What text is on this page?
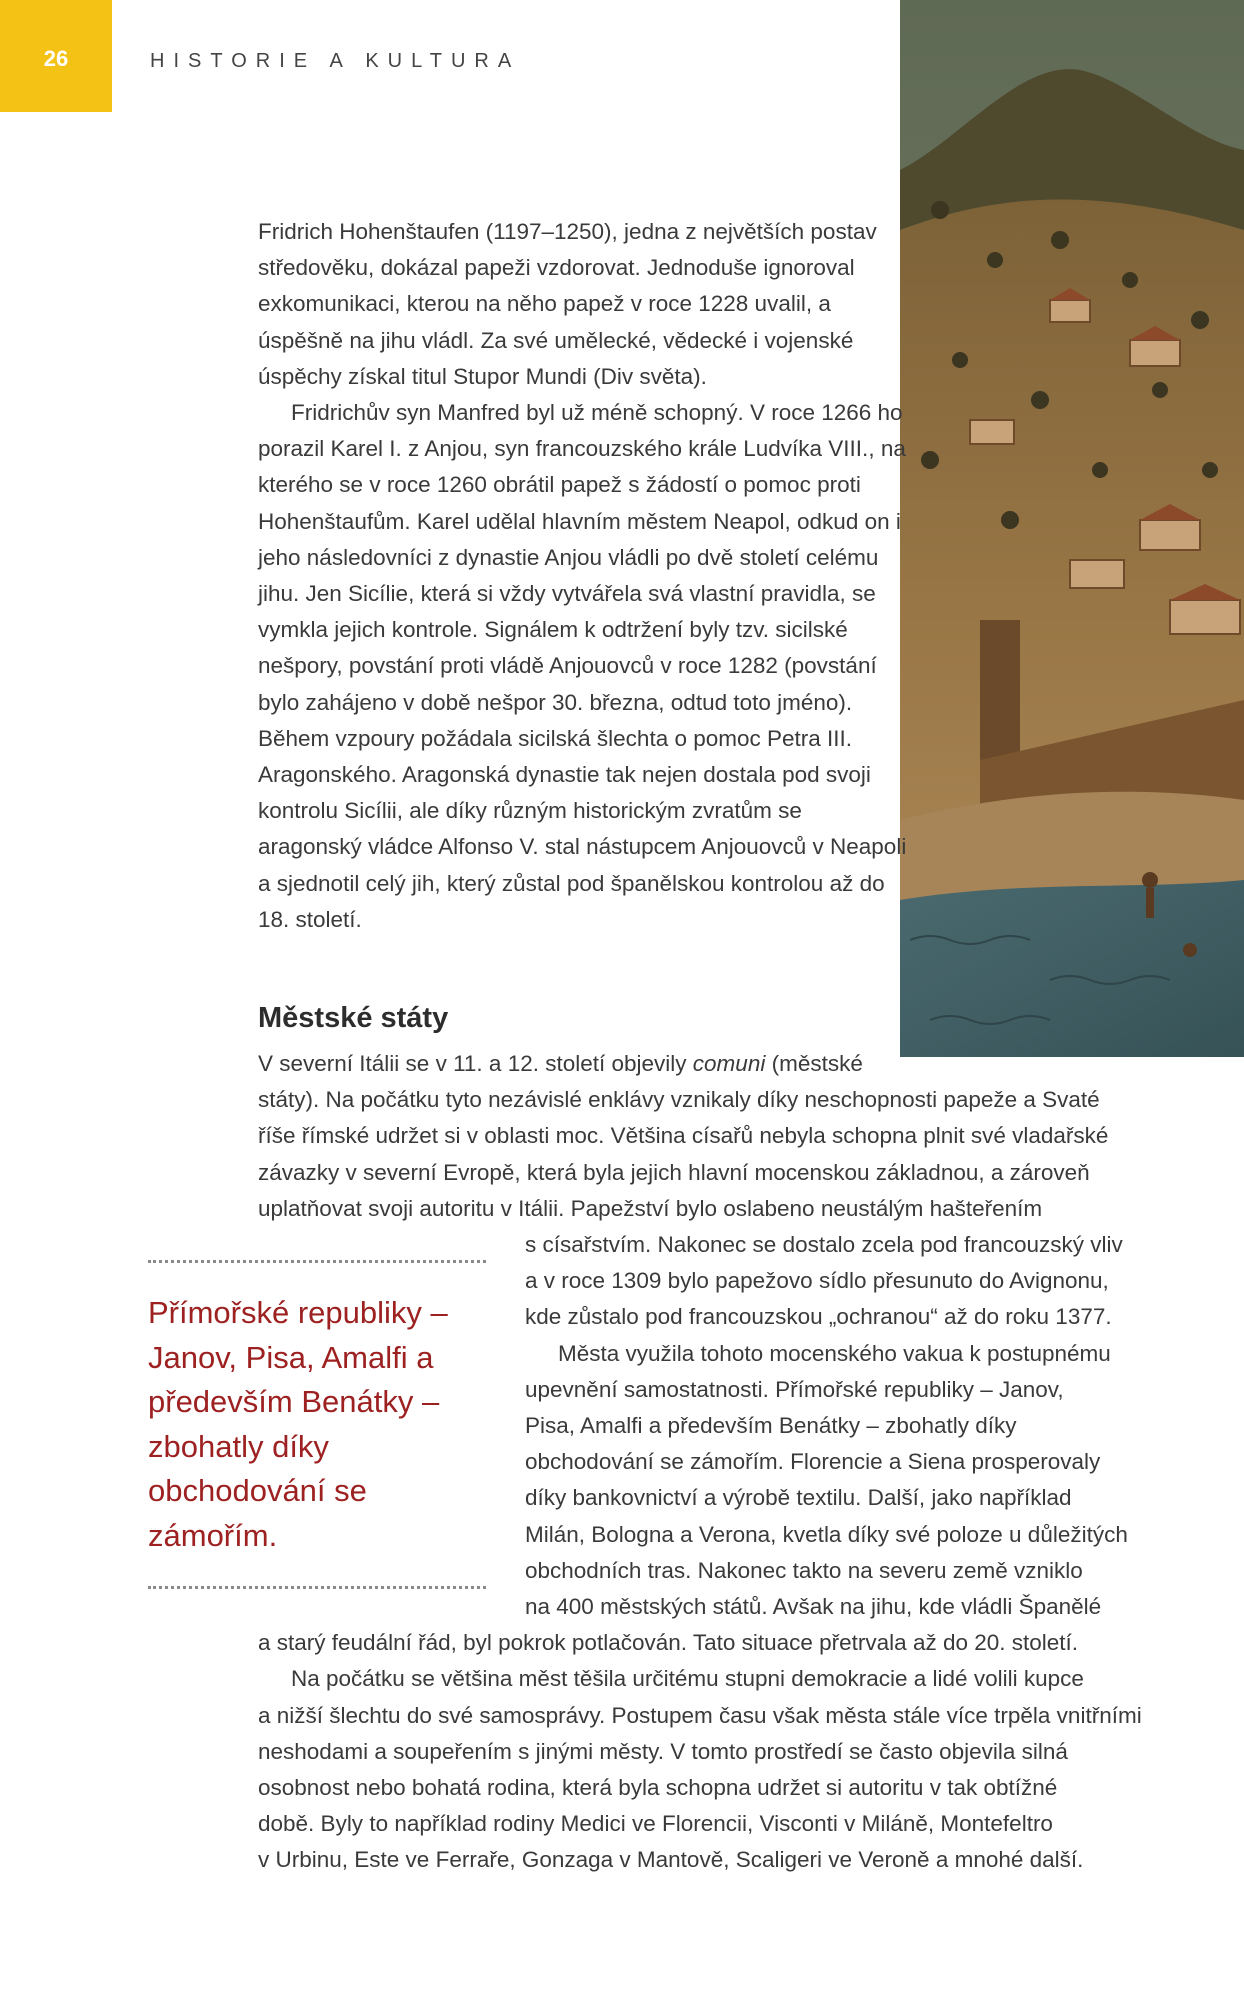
26	HISTORIE A KULTURA
Fridrich Hohenštaufen (1197–1250), jedna z největších postav středověku, dokázal papeži vzdorovat. Jednoduše ignoroval exkomunikaci, kterou na něho papež v roce 1228 uvalil, a úspěšně na jihu vládl. Za své umělecké, vědecké i vojenské úspěchy získal titul Stupor Mundi (Div světa).
Fridrichův syn Manfred byl už méně schopný. V roce 1266 ho porazil Karel I. z Anjou, syn francouzského krále Ludvíka VIII., na kterého se v roce 1260 obrátil papež s žádostí o pomoc proti Hohenštaufům. Karel udělal hlavním městem Neapol, odkud on i jeho následovníci z dynastie Anjou vládli po dvě století celému jihu. Jen Sicílie, která si vždy vytvářela svá vlastní pravidla, se vymkla jejich kontrole. Signálem k odtržení byly tzv. sicilské nešpory, povstání proti vládě Anjouovců v roce 1282 (povstání bylo zahájeno v době nešpor 30. března, odtud toto jméno). Během vzpoury požádala sicilská šlechta o pomoc Petra III. Aragonského. Aragonská dynastie tak nejen dostala pod svoji kontrolu Sicílii, ale díky různým historickým zvratům se aragonský vládce Alfonso V. stal nástupcem Anjouovců v Neapoli a sjednotil celý jih, který zůstal pod španělskou kontrolou až do 18. století.
Městské státy
V severní Itálii se v 11. a 12. století objevily comuni (městské
státy). Na počátku tyto nezávislé enklávy vznikaly díky neschopnosti papeže a Svaté
říše římské udržet si v oblasti moc. Většina císařů nebyla schopna plnit své vladařské
závazky v severní Evropě, která byla jejich hlavní mocenskou základnou, a zároveň
uplatňovat svoji autoritu v Itálii. Papežství bylo oslabeno neustálým hašteřením
s císařstvím. Nakonec se dostalo zcela pod francouzský vliv
a v roce 1309 bylo papežovo sídlo přesunuto do Avignonu,
kde zůstalo pod francouzskou „ochranou“ až do roku 1377.
Města využila tohoto mocenského vakua k postupnému
upevnění samostatnosti. Přímořské republiky – Janov,
Pisa, Amalfi a především Benátky – zbohatly díky
obchodování se zámořím. Florencie a Siena prosperovaly
díky bankovnictví a výrobě textilu. Další, jako například
Milán, Bologna a Verona, kvetla díky své poloze u důležitých
obchodních tras. Nakonec takto na severu země vzniklo
na 400 městských států. Avšak na jihu, kde vládli Španělé
a starý feudální řád, byl pokrok potlačován. Tato situace přetrvala až do 20. století.
Na počátku se většina měst těšila určitému stupni demokracie a lidé volili kupce
a nižší šlechtu do své samosprávy. Postupem času však města stále více trpěla vnitřními
neshodami a soupeřením s jinými městy. V tomto prostředí se často objevila silná
osobnost nebo bohatá rodina, která byla schopna udržet si autoritu v tak obtížné
době. Byly to například rodiny Medici ve Florencii, Visconti v Miláně, Montefeltro
v Urbinu, Este ve Ferraře, Gonzaga v Mantově, Scaligeri ve Veroně a mnohé další.

Přímořské republiky – Janov, Pisa, Amalfi a především Benátky – zbohatly díky obchodování se zámořím.
